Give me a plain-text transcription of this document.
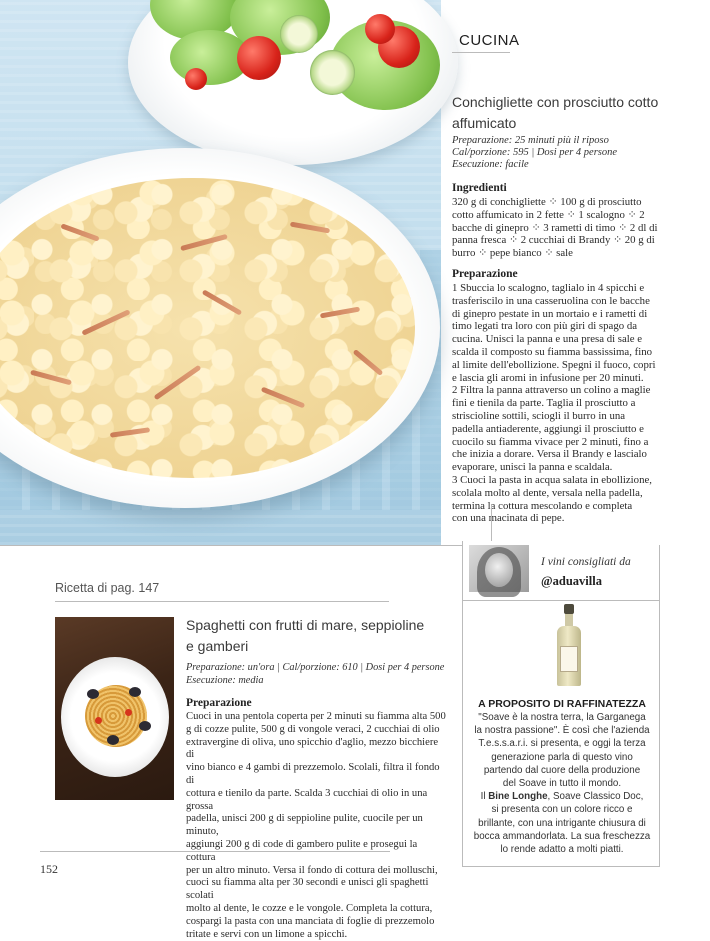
CUCINA
Conchigliette con prosciutto cotto affumicato
Preparazione: 25 minuti più il riposo
Cal/porzione: 595 | Dosi per 4 persone
Esecuzione: facile
Ingredienti
320 g di conchigliette ⁘ 100 g di prosciutto
cotto affumicato in 2 fette ⁘ 1 scalogno ⁘ 2
bacche di ginepro ⁘ 3 rametti di timo ⁘ 2 dl di
panna fresca ⁘ 2 cucchiai di Brandy ⁘ 20 g di
burro ⁘ pepe bianco ⁘ sale
Preparazione
1 Sbuccia lo scalogno, taglialo in 4 spicchi e
trasferiscilo in una casseruolina con le bacche
di ginepro pestate in un mortaio e i rametti di
timo legati tra loro con più giri di spago da
cucina. Unisci la panna e una presa di sale e
scalda il composto su fiamma bassissima, fino
al limite dell'ebollizione. Spegni il fuoco, copri
e lascia gli aromi in infusione per 20 minuti.
2 Filtra la panna attraverso un colino a maglie
fini e tienila da parte. Taglia il prosciutto a
striscioline sottili, sciogli il burro in una
padella antiaderente, aggiungi il prosciutto e
cuocilo su fiamma vivace per 2 minuti, fino a
che inizia a dorare. Versa il Brandy e lascialo
evaporare, unisci la panna e scaldala.
3 Cuoci la pasta in acqua salata in ebollizione,
scolala molto al dente, versala nella padella,
termina la cottura mescolando e completa
con una macinata di pepe.
Ricetta di pag. 147
Spaghetti con frutti di mare, seppioline e gamberi
Preparazione: un'ora | Cal/porzione: 610 | Dosi per 4 persone
Esecuzione: media
Preparazione
Cuoci in una pentola coperta per 2 minuti su fiamma alta 500
g di cozze pulite, 500 g di vongole veraci, 2 cucchiai di olio
extravergine di oliva, uno spicchio d'aglio, mezzo bicchiere di
vino bianco e 4 gambi di prezzemolo. Scolali, filtra il fondo di
cottura e tienilo da parte. Scalda 3 cucchiai di olio in una grossa
padella, unisci 200 g di seppioline pulite, cuocile per un minuto,
aggiungi 200 g di code di gambero pulite e prosegui la cottura
per un altro minuto. Versa il fondo di cottura dei molluschi,
cuoci su fiamma alta per 30 secondi e unisci gli spaghetti scolati
molto al dente, le cozze e le vongole. Completa la cottura,
cospargi la pasta con una manciata di foglie di prezzemolo
tritate e servi con un limone a spicchi.
152
I vini consigliati da
@aduavilla
A PROPOSITO DI RAFFINATEZZA
"Soave è la nostra terra, la Garganega
la nostra passione". È così che l'azienda
T.e.s.s.a.r.i. si presenta, e oggi la terza
generazione parla di questo vino
partendo dal cuore della produzione
del Soave in tutto il mondo.
Il Bine Longhe, Soave Classico Doc,
si presenta con un colore ricco e
brillante, con una intrigante chiusura di
bocca ammandorlata. La sua freschezza
lo rende adatto a molti piatti.
